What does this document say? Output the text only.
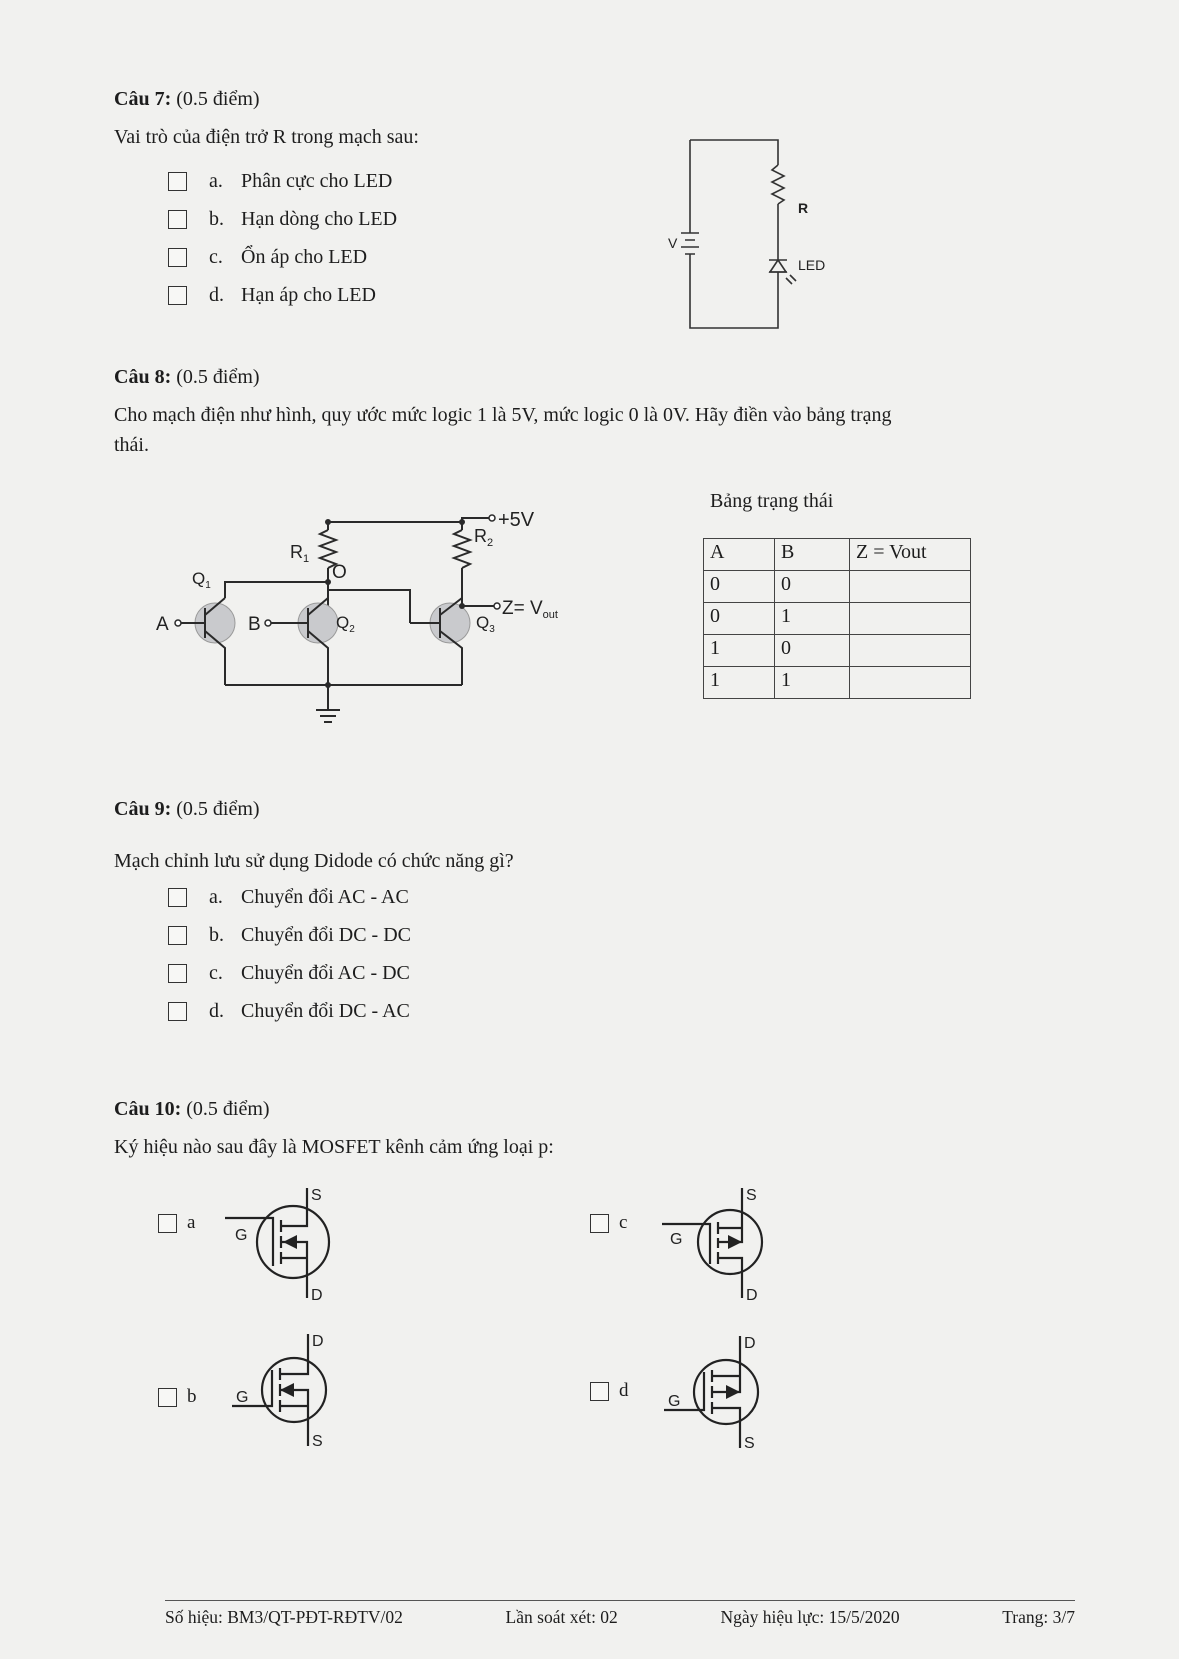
Câu 7: (0.5 điểm)
Vai trò của điện trở R trong mạch sau:
a. Phân cực cho LED
b. Hạn dòng cho LED
c. Ổn áp cho LED
d. Hạn áp cho LED
V
R
LED
Câu 8: (0.5 điểm)
Cho mạch điện như hình, quy ước mức logic 1 là 5V, mức logic 0 là 0V. Hãy điền vào bảng trạng
thái.
+5V
$R_1$
$R_2$
O
$Z= V_{out}$
$Q_1$
$Q_2$	$Q_3$
A	B
Bảng trạng thái
A	B	Z = Vout
0	0	
0	1	
1	0	
1	1	
Câu 9: (0.5 điểm)
Mạch chỉnh lưu sử dụng Didode có chức năng gì?
a. Chuyển đổi AC - AC
b. Chuyển đổi DC - DC
c. Chuyển đổi AC - DC
d. Chuyển đổi DC - AC
Câu 10: (0.5 điểm)
Ký hiệu nào sau đây là MOSFET kênh cảm ứng loại p:
a
S
D
G
c
S
D
G
b
D
S
G	d
D
S
G
Số hiệu: BM3/QT-PĐT-RĐTV/02	Lần soát xét: 02	Ngày hiệu lực: 15/5/2020	Trang: 3/7
